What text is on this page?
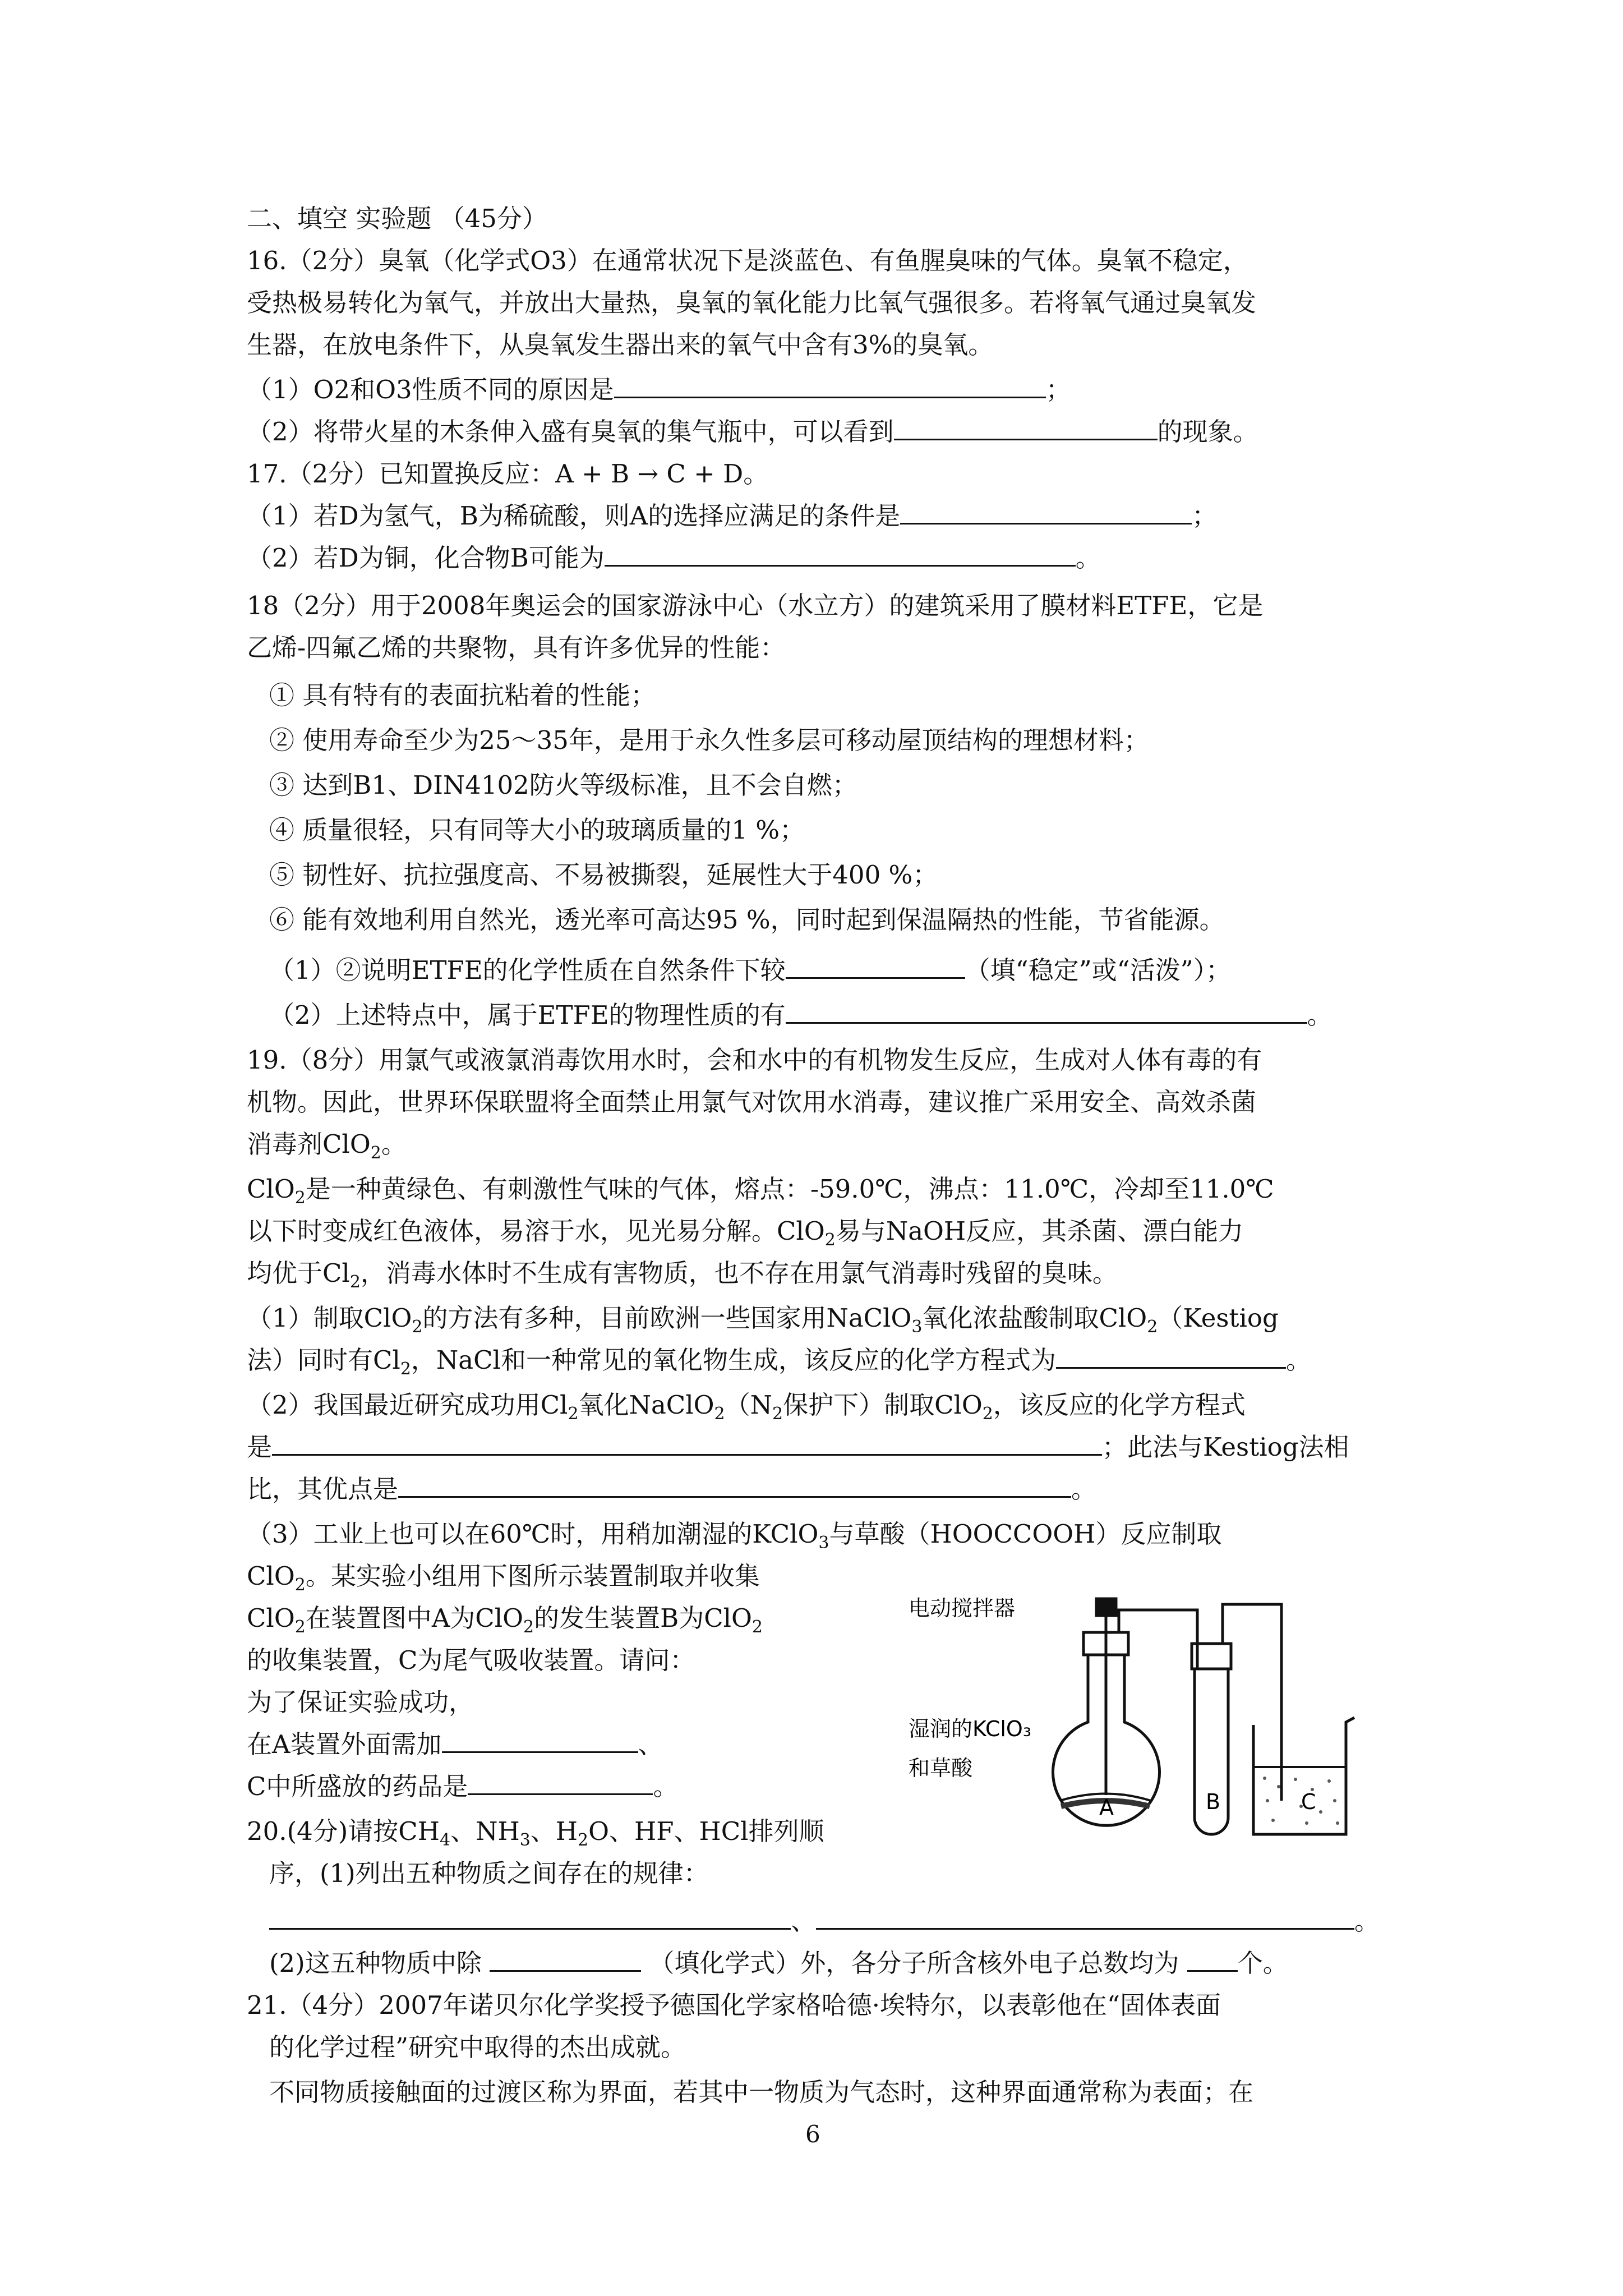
二、填空 实验题 （45分）
16.（2分）臭氧（化学式O3）在通常状况下是淡蓝色、有鱼腥臭味的气体。臭氧不稳定，
受热极易转化为氧气，并放出大量热，臭氧的氧化能力比氧气强很多。若将氧气通过臭氧发
生器，在放电条件下，从臭氧发生器出来的氧气中含有3%的臭氧。
（1）O2和O3性质不同的原因是	；
（2）将带火星的木条伸入盛有臭氧的集气瓶中，可以看到	的现象。
17.（2分）已知置换反应：A + B → C + D。
（1）若D为氢气，B为稀硫酸，则A的选择应满足的条件是	；
（2）若D为铜，化合物B可能为	。
18（2分）用于2008年奥运会的国家游泳中心（水立方）的建筑采用了膜材料ETFE，它是
乙烯-四氟乙烯的共聚物，具有许多优异的性能：
① 具有特有的表面抗粘着的性能；
② 使用寿命至少为25～35年，是用于永久性多层可移动屋顶结构的理想材料；
③ 达到B1、DIN4102防火等级标准，且不会自燃；
④ 质量很轻，只有同等大小的玻璃质量的1 %；
⑤ 韧性好、抗拉强度高、不易被撕裂，延展性大于400 %；
⑥ 能有效地利用自然光，透光率可高达95 %，同时起到保温隔热的性能，节省能源。
（1）②说明ETFE的化学性质在自然条件下较	（填“稳定”或“活泼”）；
（2）上述特点中，属于ETFE的物理性质的有	。
19.（8分）用氯气或液氯消毒饮用水时，会和水中的有机物发生反应，生成对人体有毒的有
机物。因此，世界环保联盟将全面禁止用氯气对饮用水消毒，建议推广采用安全、高效杀菌
消毒剂ClO$_2$。
ClO$_2$是一种黄绿色、有刺激性气味的气体，熔点：-59.0℃，沸点：11.0℃，冷却至11.0℃
以下时变成红色液体，易溶于水，见光易分解。ClO$_2$易与NaOH反应，其杀菌、漂白能力
均优于$Cl_2$，消毒水体时不生成有害物质，也不存在用氯气消毒时残留的臭味。
（1）制取ClO$_2$的方法有多种，目前欧洲一些国家用NaClO$_3$氧化浓盐酸制取ClO$_2$（Kestiog
法）同时有$Cl_2$，NaCl和一种常见的氧化物生成，该反应的化学方程式为	。
（2）我国最近研究成功用$Cl_2$氧化$NaClO_2(N_2$保护下）制取ClO$_2$，该反应的化学方程式
是	；此法与Kestiog法相
比，其优点是	。
（3）工业上也可以在60℃时，用稍加潮湿的KClO$_3$与草酸（HOOCCOOH）反应制取
ClO$_2$。某实验小组用下图所示装置制取并收集
ClO$_2$在装置图中A为ClO$_2$的发生装置B为ClO$_2$
的收集装置，C为尾气吸收装置。请问：
为了保证实验成功，
在A装置外面需加	、
C中所盛放的药品是	。
电动搅拌器
湿润的KClO₃
和草酸
A	B	C
20.(4分)请按$CH_4$、$NH_3$、$H_2O$、HF、HCl排列顺
序，(1)列出五种物质之间存在的规律：
、	。
(2)这五种物质中除	（填化学式）外，各分子所含核外电子总数均为 个。
21.（4分）2007年诺贝尔化学奖授予德国化学家格哈德·埃特尔，以表彰他在“固体表面
的化学过程”研究中取得的杰出成就。
不同物质接触面的过渡区称为界面，若其中一物质为气态时，这种界面通常称为表面；在
6
